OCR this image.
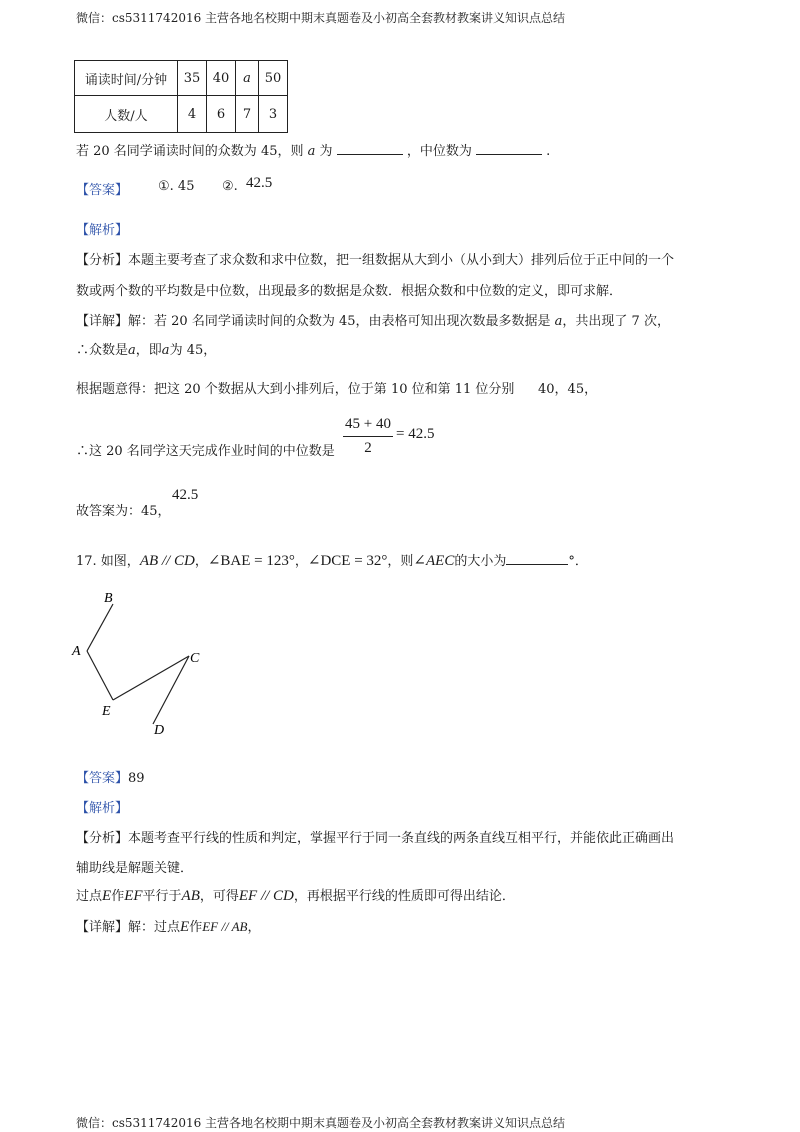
微信：cs5311742016 主营各地名校期中期末真题卷及小初高全套教材教案讲义知识点总结
诵读时间/分钟	35	40	a	50
人数/人	4	6	7	3
若 20 名同学诵读时间的众数为 45，则 a 为	，中位数为	.
【答案】 ①. 45 ②. 42.5
【解析】
【分析】本题主要考查了求众数和求中位数，把一组数据从大到小（从小到大）排列后位于正中间的一个
数或两个数的平均数是中位数，出现最多的数据是众数．根据众数和中位数的定义，即可求解．
【详解】解：若 20 名同学诵读时间的众数为 45，由表格可知出现次数最多数据是 a，共出现了 7 次，
∴众数是a，即a为 45，
根据题意得：把这 20 个数据从大到小排列后，位于第 10 位和第 11 位分别 40，45，
∴这 20 名同学这天完成作业时间的中位数是
45 + 40
2
= 42.5
故答案为：45，
42.5
17. 如图，AB // CD，∠BAE = 123°，∠DCE = 32°，则∠AEC的大小为	°．
B
A	C
E
D
【答案】89
【解析】
【分析】本题考查平行线的性质和判定，掌握平行于同一条直线的两条直线互相平行，并能依此正确画出
辅助线是解题关键．
过点E作EF平行于AB，可得EF // CD，再根据平行线的性质即可得出结论．
【详解】解：过点E作EF // AB，
微信：cs5311742016 主营各地名校期中期末真题卷及小初高全套教材教案讲义知识点总结
